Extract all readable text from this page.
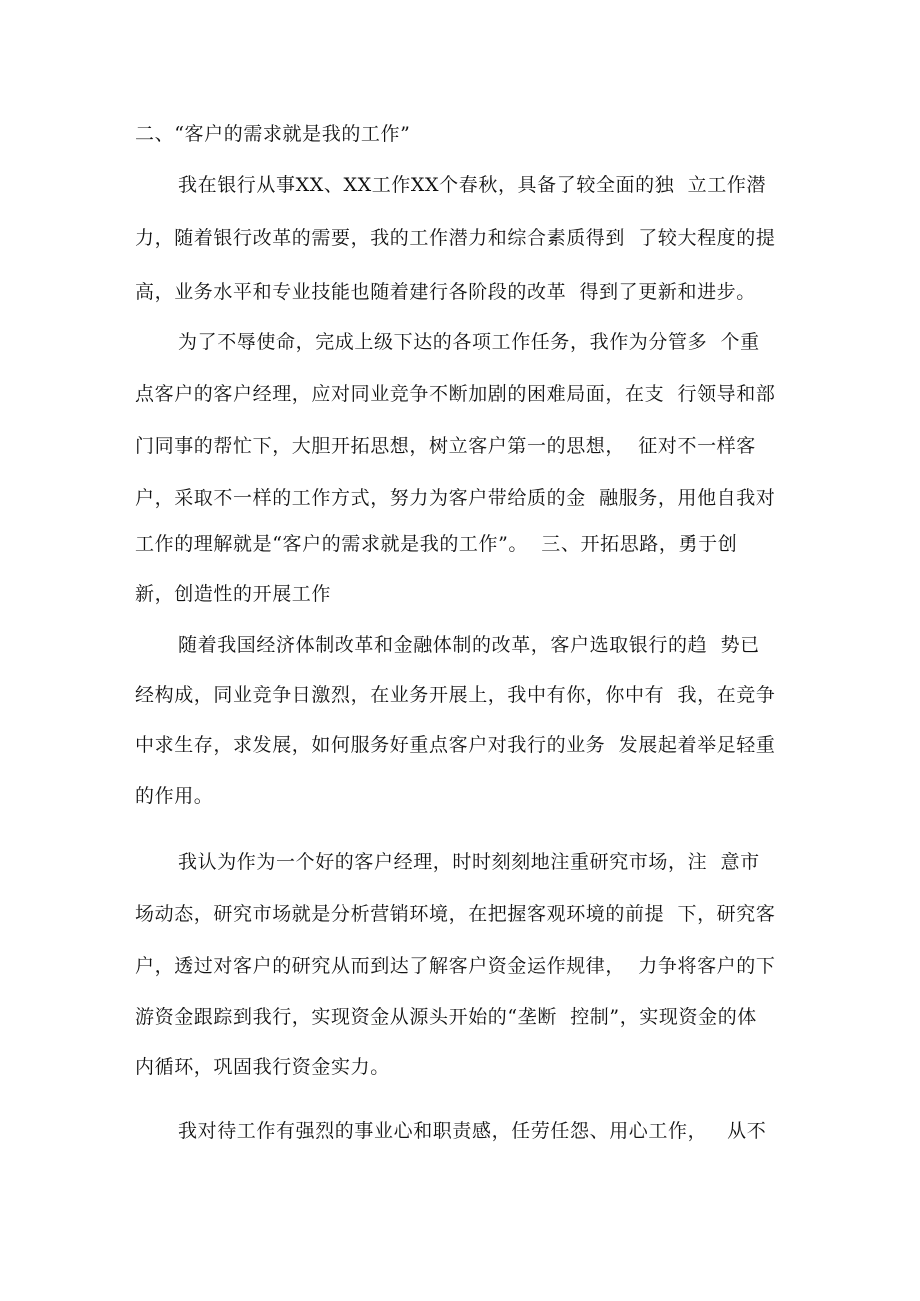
二、“客户的需求就是我的工作”
我在银行从事XX、XX工作XX个春秋，具备了较全面的独  立工作潜
力，随着银行改革的需要，我的工作潜力和综合素质得到  了较大程度的提
高，业务水平和专业技能也随着建行各阶段的改革  得到了更新和进步。
为了不辱使命，完成上级下达的各项工作任务，我作为分管多  个重
点客户的客户经理，应对同业竞争不断加剧的困难局面，在支  行领导和部
门同事的帮忙下，大胆开拓思想，树立客户第一的思想，  征对不一样客
户，采取不一样的工作方式，努力为客户带给质的金  融服务，用他自我对
工作的理解就是“客户的需求就是我的工作”。  三、开拓思路，勇于创
新，创造性的开展工作
随着我国经济体制改革和金融体制的改革，客户选取银行的趋  势已
经构成，同业竞争日激烈，在业务开展上，我中有你，你中有  我，在竞争
中求生存，求发展，如何服务好重点客户对我行的业务  发展起着举足轻重
的作用。
我认为作为一个好的客户经理，时时刻刻地注重研究市场，注  意市
场动态，研究市场就是分析营销环境，在把握客观环境的前提  下，研究客
户，透过对客户的研究从而到达了解客户资金运作规律，  力争将客户的下
游资金跟踪到我行，实现资金从源头开始的“垄断  控制”，实现资金的体
内循环，巩固我行资金实力。
我对待工作有强烈的事业心和职责感，任劳任怨、用心工作，   从不
